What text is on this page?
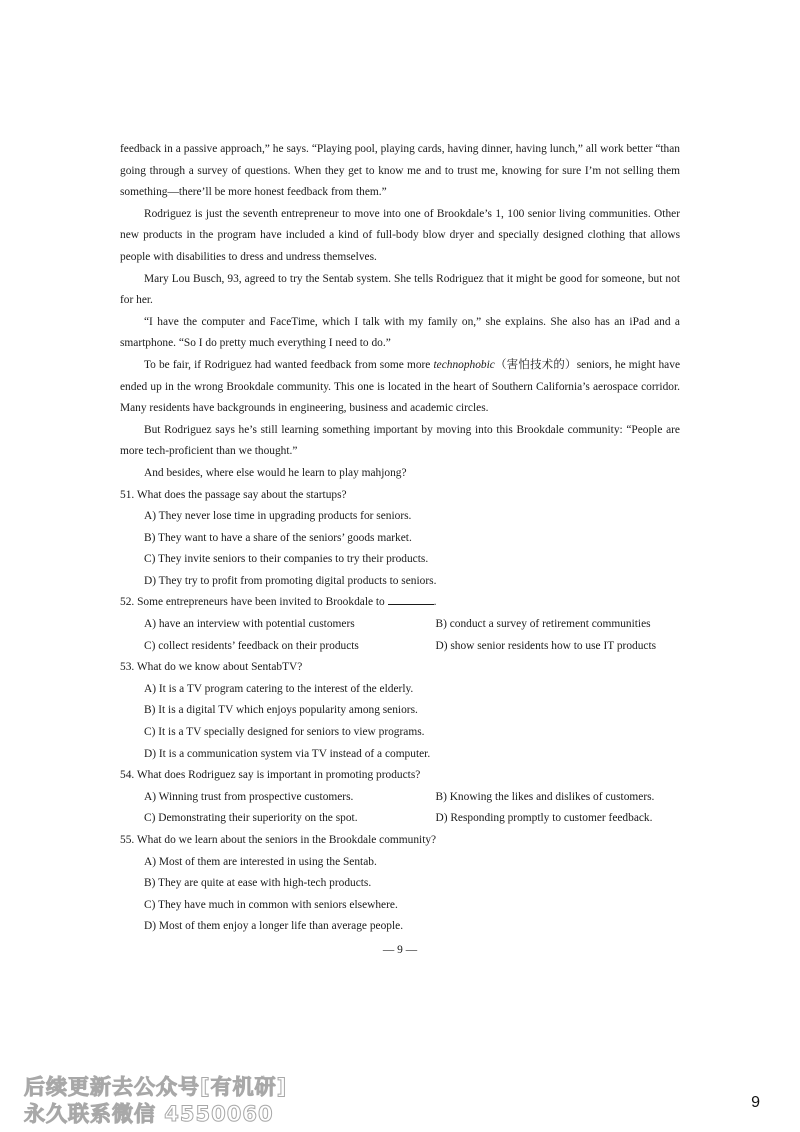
feedback in a passive approach,” he says. “Playing pool, playing cards, having dinner, having lunch,” all work better “than going through a survey of questions. When they get to know me and to trust me, knowing for sure I’m not selling them something—there’ll be more honest feedback from them.”

Rodriguez is just the seventh entrepreneur to move into one of Brookdale’s 1, 100 senior living communities. Other new products in the program have included a kind of full-body blow dryer and specially designed clothing that allows people with disabilities to dress and undress themselves.

Mary Lou Busch, 93, agreed to try the Sentab system. She tells Rodriguez that it might be good for someone, but not for her.

“I have the computer and FaceTime, which I talk with my family on,” she explains. She also has an iPad and a smartphone. “So I do pretty much everything I need to do.”

To be fair, if Rodriguez had wanted feedback from some more technophobic（害怕技术的）seniors, he might have ended up in the wrong Brookdale community. This one is located in the heart of Southern California’s aerospace corridor. Many residents have backgrounds in engineering, business and academic circles.

But Rodriguez says he’s still learning something important by moving into this Brookdale community: “People are more tech-proficient than we thought.”

And besides, where else would he learn to play mahjong?

51. What does the passage say about the startups?

A) They never lose time in upgrading products for seniors.

B) They want to have a share of the seniors’ goods market.

C) They invite seniors to their companies to try their products.

D) They try to profit from promoting digital products to seniors.

52. Some entrepreneurs have been invited to Brookdale to	.

A) have an interview with potential customers	B) conduct a survey of retirement communities
C) collect residents’ feedback on their products	D) show senior residents how to use IT products

53. What do we know about SentabTV?

A) It is a TV program catering to the interest of the elderly.

B) It is a digital TV which enjoys popularity among seniors.

C) It is a TV specially designed for seniors to view programs.

D) It is a communication system via TV instead of a computer.

54. What does Rodriguez say is important in promoting products?

A) Winning trust from prospective customers.	B) Knowing the likes and dislikes of customers.
C) Demonstrating their superiority on the spot.	D) Responding promptly to customer feedback.

55. What do we learn about the seniors in the Brookdale community?

A) Most of them are interested in using the Sentab.

B) They are quite at ease with high-tech products.

C) They have much in common with seniors elsewhere.

D) Most of them enjoy a longer life than average people.

— 9 —
后续更新去公众号[有机研]
永久联系微信 4550060	9
